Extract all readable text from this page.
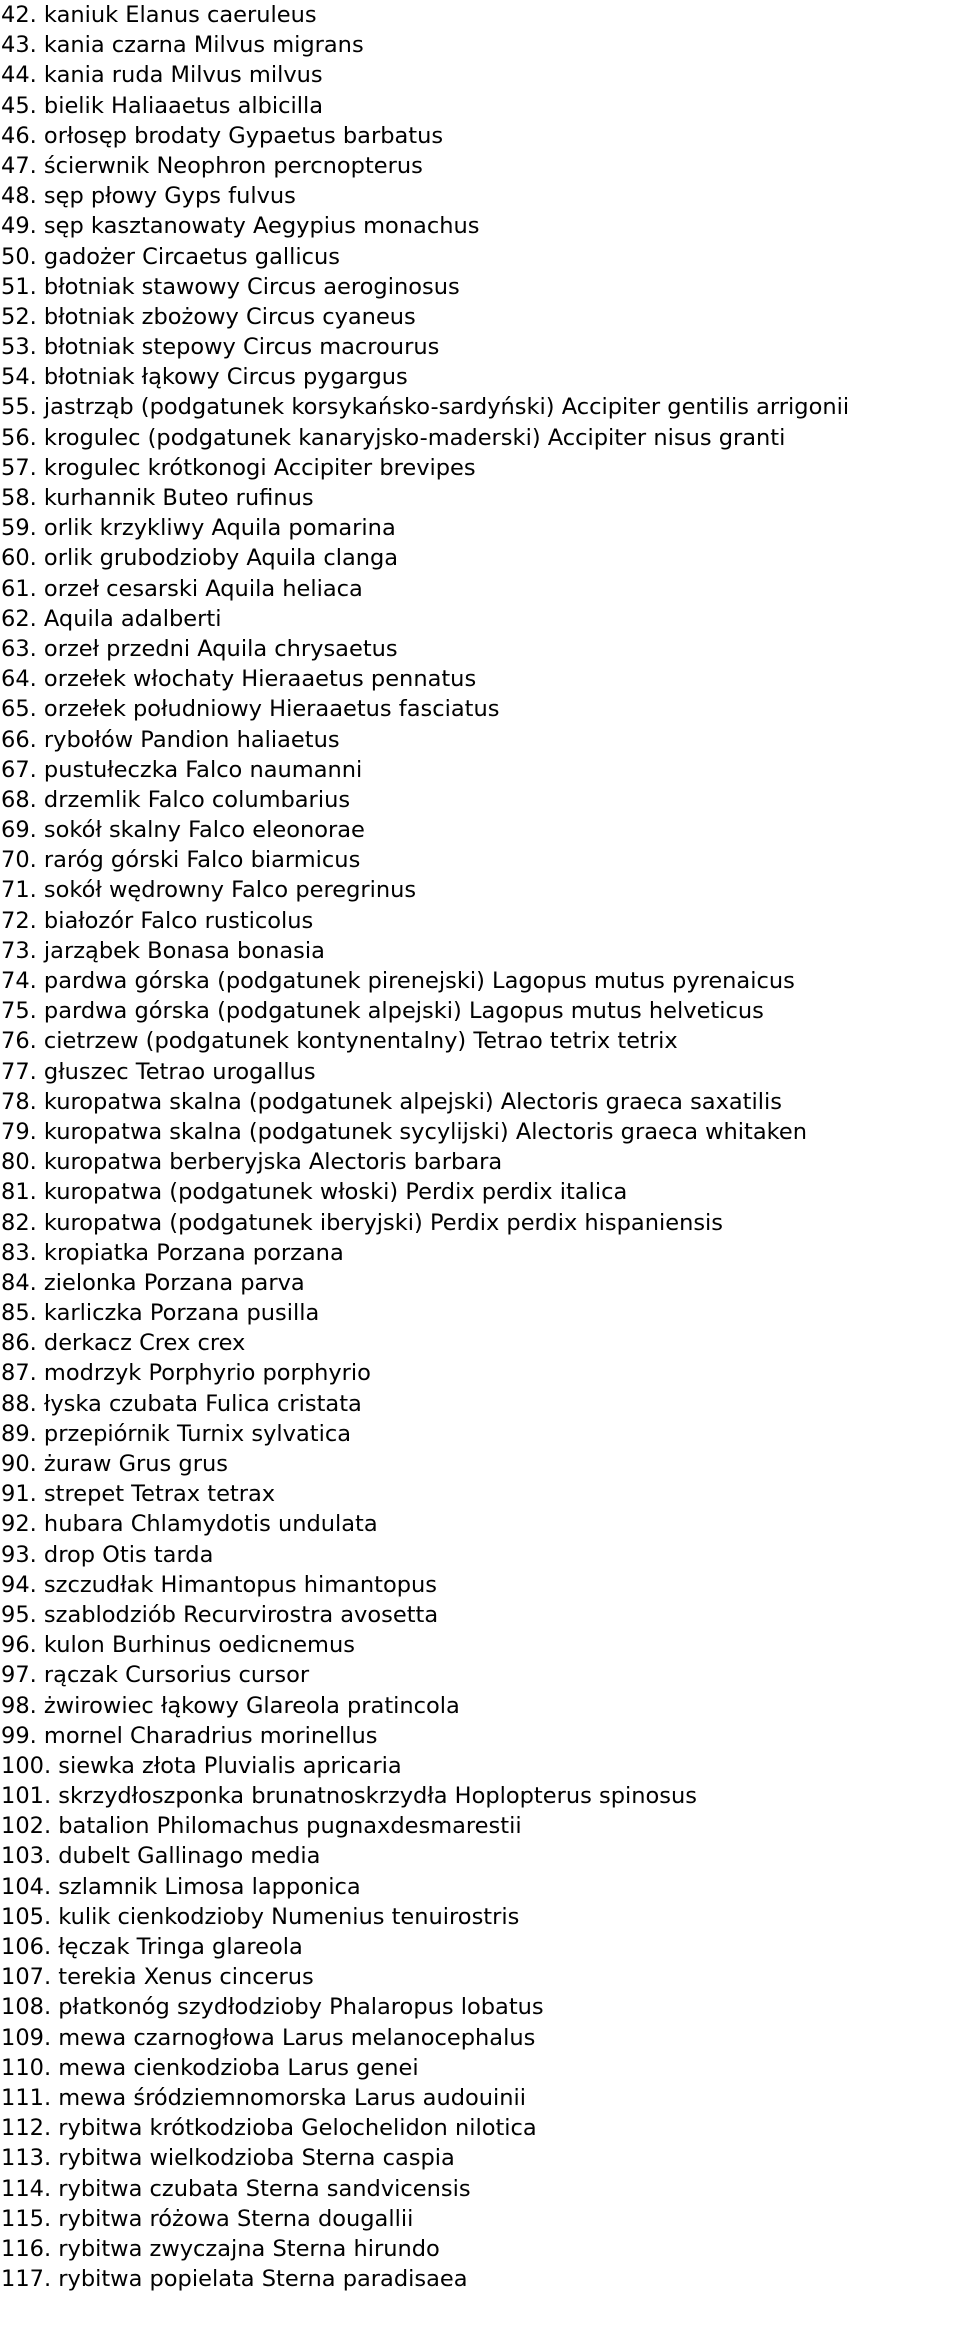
42. kaniuk Elanus caeruleus
43. kania czarna Milvus migrans
44. kania ruda Milvus milvus
45. bielik Haliaaetus albicilla
46. orłosęp brodaty Gypaetus barbatus
47. ścierwnik Neophron percnopterus
48. sęp płowy Gyps fulvus
49. sęp kasztanowaty Aegypius monachus
50. gadożer Circaetus gallicus
51. błotniak stawowy Circus aeroginosus
52. błotniak zbożowy Circus cyaneus
53. błotniak stepowy Circus macrourus
54. błotniak łąkowy Circus pygargus
55. jastrząb (podgatunek korsykańsko-sardyński) Accipiter gentilis arrigonii
56. krogulec (podgatunek kanaryjsko-maderski) Accipiter nisus granti
57. krogulec krótkonogi Accipiter brevipes
58. kurhannik Buteo rufinus
59. orlik krzykliwy Aquila pomarina
60. orlik grubodzioby Aquila clanga
61. orzeł cesarski Aquila heliaca
62. Aquila adalberti
63. orzeł przedni Aquila chrysaetus
64. orzełek włochaty Hieraaetus pennatus
65. orzełek południowy Hieraaetus fasciatus
66. rybołów Pandion haliaetus
67. pustułeczka Falco naumanni
68. drzemlik Falco columbarius
69. sokół skalny Falco eleonorae
70. raróg górski Falco biarmicus
71. sokół wędrowny Falco peregrinus
72. białozór Falco rusticolus
73. jarząbek Bonasa bonasia
74. pardwa górska (podgatunek pirenejski) Lagopus mutus pyrenaicus
75. pardwa górska (podgatunek alpejski) Lagopus mutus helveticus
76. cietrzew (podgatunek kontynentalny) Tetrao tetrix tetrix
77. głuszec Tetrao urogallus
78. kuropatwa skalna (podgatunek alpejski) Alectoris graeca saxatilis
79. kuropatwa skalna (podgatunek sycylijski) Alectoris graeca whitaken
80. kuropatwa berberyjska Alectoris barbara
81. kuropatwa (podgatunek włoski) Perdix perdix italica
82. kuropatwa (podgatunek iberyjski) Perdix perdix hispaniensis
83. kropiatka Porzana porzana
84. zielonka Porzana parva
85. karliczka Porzana pusilla
86. derkacz Crex crex
87. modrzyk Porphyrio porphyrio
88. łyska czubata Fulica cristata
89. przepiórnik Turnix sylvatica
90. żuraw Grus grus
91. strepet Tetrax tetrax
92. hubara Chlamydotis undulata
93. drop Otis tarda
94. szczudłak Himantopus himantopus
95. szablodziób Recurvirostra avosetta
96. kulon Burhinus oedicnemus
97. rączak Cursorius cursor
98. żwirowiec łąkowy Glareola pratincola
99. mornel Charadrius morinellus
100. siewka złota Pluvialis apricaria
101. skrzydłoszponka brunatnoskrzydła Hoplopterus spinosus
102. batalion Philomachus pugnaxdesmarestii
103. dubelt Gallinago media
104. szlamnik Limosa lapponica
105. kulik cienkodzioby Numenius tenuirostris
106. łęczak Tringa glareola
107. terekia Xenus cincerus
108. płatkonóg szydłodzioby Phalaropus lobatus
109. mewa czarnogłowa Larus melanocephalus
110. mewa cienkodzioba Larus genei
111. mewa śródziemnomorska Larus audouinii
112. rybitwa krótkodzioba Gelochelidon nilotica
113. rybitwa wielkodzioba Sterna caspia
114. rybitwa czubata Sterna sandvicensis
115. rybitwa różowa Sterna dougallii
116. rybitwa zwyczajna Sterna hirundo
117. rybitwa popielata Sterna paradisaea
